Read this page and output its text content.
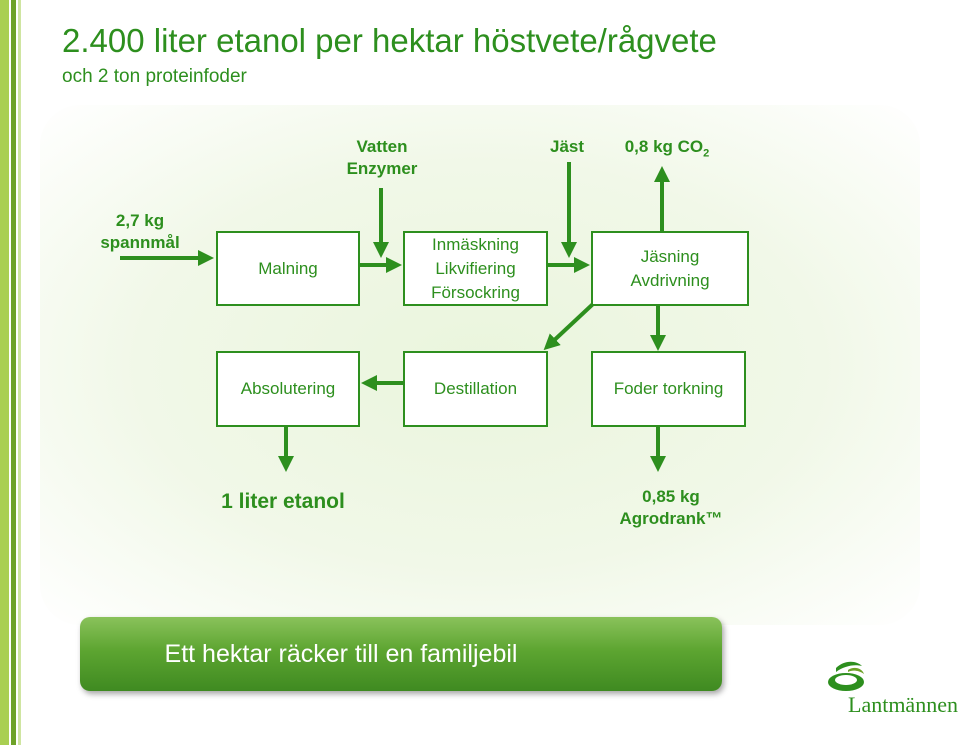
2.400 liter etanol per hektar höstvete/rågvete
och 2 ton proteinfoder
2,7 kg
spannmål
Vatten
Enzymer
Jäst	0,8 kg $CO_2$
Malning
Inmäskning
Likvifiering
Försockring
Jäsning
Avdrivning
Absolutering	Destillation	Foder torkning
1 liter etanol	0,85 kg
Agrodrank™
Ett hektar räcker till en familjebil
Lantmännen
